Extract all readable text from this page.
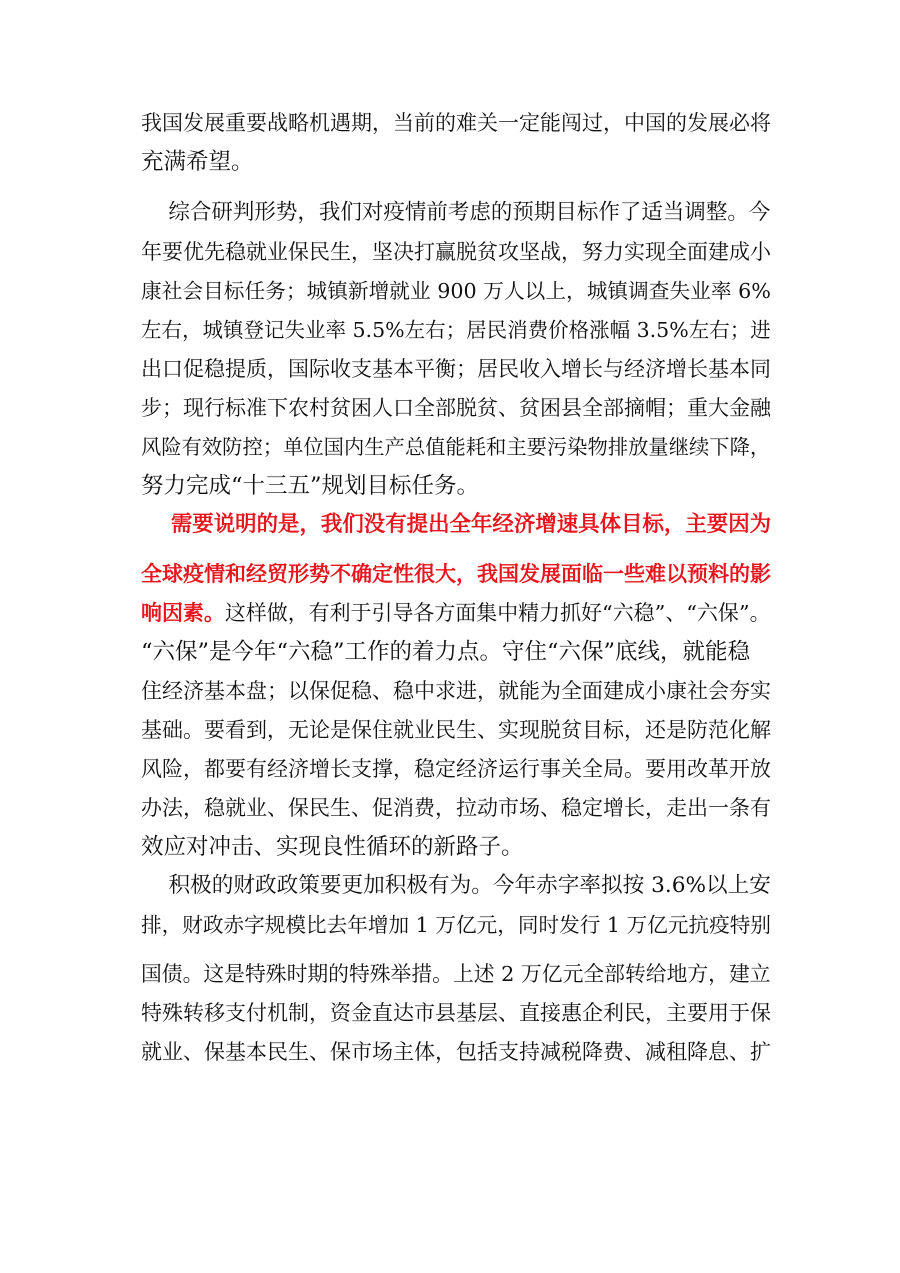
我国发展重要战略机遇期，当前的难关一定能闯过，中国的发展必将
充满希望。
综合研判形势，我们对疫情前考虑的预期目标作了适当调整。今
年要优先稳就业保民生，坚决打赢脱贫攻坚战，努力实现全面建成小
康社会目标任务；城镇新增就业 900 万人以上，城镇调查失业率 6%
左右，城镇登记失业率 5.5%左右；居民消费价格涨幅 3.5%左右；进
出口促稳提质，国际收支基本平衡；居民收入增长与经济增长基本同
步；现行标准下农村贫困人口全部脱贫、贫困县全部摘帽；重大金融
风险有效防控；单位国内生产总值能耗和主要污染物排放量继续下降，
努力完成“十三五”规划目标任务。
需要说明的是，我们没有提出全年经济增速具体目标，主要因为
全球疫情和经贸形势不确定性很大，我国发展面临一些难以预料的影
响因素。这样做，有利于引导各方面集中精力抓好“六稳”、“六保”。
“六保”是今年“六稳”工作的着力点。守住“六保”底线，就能稳
住经济基本盘；以保促稳、稳中求进，就能为全面建成小康社会夯实
基础。要看到，无论是保住就业民生、实现脱贫目标，还是防范化解
风险，都要有经济增长支撑，稳定经济运行事关全局。要用改革开放
办法，稳就业、保民生、促消费，拉动市场、稳定增长，走出一条有
效应对冲击、实现良性循环的新路子。
积极的财政政策要更加积极有为。今年赤字率拟按 3.6%以上安
排，财政赤字规模比去年增加 1 万亿元，同时发行 1 万亿元抗疫特别
国债。这是特殊时期的特殊举措。上述 2 万亿元全部转给地方，建立
特殊转移支付机制，资金直达市县基层、直接惠企利民，主要用于保
就业、保基本民生、保市场主体，包括支持减税降费、减租降息、扩
